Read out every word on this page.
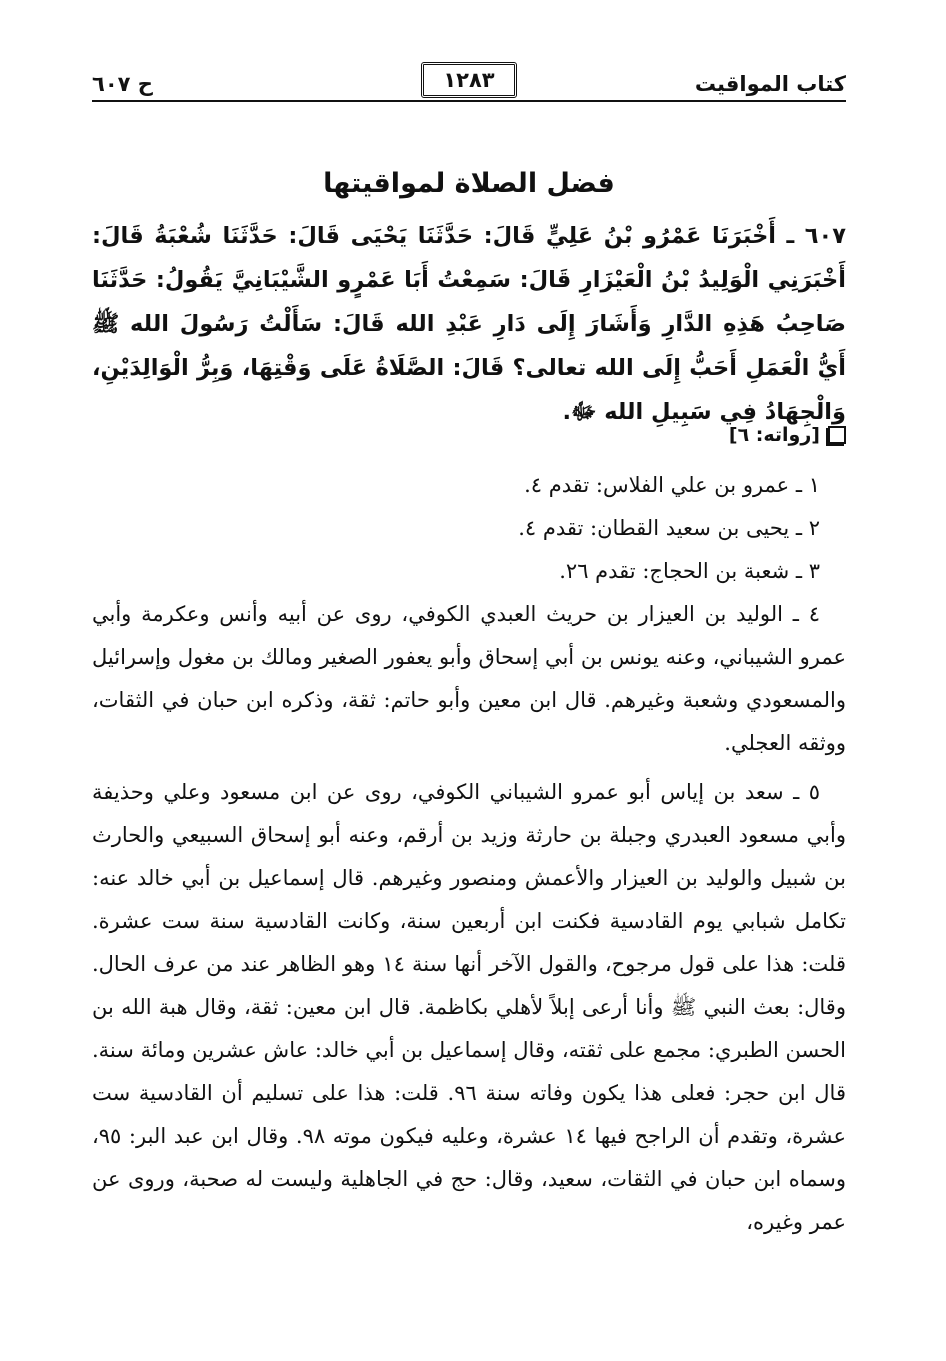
كتاب المواقيت
١٢٨٣
ح ٦٠٧
فضل الصلاة لمواقيتها

٦٠٧ ـ أَخْبَرَنَا عَمْرُو بْنُ عَلِيٍّ قَالَ: حَدَّثَنَا يَحْيَى قَالَ: حَدَّثَنَا شُعْبَةُ قَالَ: أَخْبَرَنِي الْوَلِيدُ بْنُ الْعَيْزَارِ قَالَ: سَمِعْتُ أَبَا عَمْرٍو الشَّيْبَانِيَّ يَقُولُ: حَدَّثَنَا صَاحِبُ هَذِهِ الدَّارِ وَأَشَارَ إِلَى دَارِ عَبْدِ الله قَالَ: سَأَلْتُ رَسُولَ الله ﷺ أَيُّ الْعَمَلِ أَحَبُّ إِلَى الله تعالى؟ قَالَ: الصَّلَاةُ عَلَى وَقْتِهَا، وَبِرُّ الْوَالِدَيْنِ، وَالْجِهَادُ فِي سَبِيلِ الله ﷻ.

[رواته: ٦]
١ ـ عمرو بن علي الفلاس: تقدم ٤.
٢ ـ يحيى بن سعيد القطان: تقدم ٤.
٣ ـ شعبة بن الحجاج: تقدم ٢٦.
٤ ـ الوليد بن العيزار بن حريث العبدي الكوفي، روى عن أبيه وأنس وعكرمة وأبي عمرو الشيباني، وعنه يونس بن أبي إسحاق وأبو يعفور الصغير ومالك بن مغول وإسرائيل والمسعودي وشعبة وغيرهم. قال ابن معين وأبو حاتم: ثقة، وذكره ابن حبان في الثقات، ووثقه العجلي.
٥ ـ سعد بن إياس أبو عمرو الشيباني الكوفي، روى عن ابن مسعود وعلي وحذيفة وأبي مسعود العبدري وجبلة بن حارثة وزيد بن أرقم، وعنه أبو إسحاق السبيعي والحارث بن شبيل والوليد بن العيزار والأعمش ومنصور وغيرهم. قال إسماعيل بن أبي خالد عنه: تكامل شبابي يوم القادسية فكنت ابن أربعين سنة، وكانت القادسية سنة ست عشرة. قلت: هذا على قول مرجوح، والقول الآخر أنها سنة ١٤ وهو الظاهر عند من عرف الحال. وقال: بعث النبي ﷺ وأنا أرعى إبلاً لأهلي بكاظمة. قال ابن معين: ثقة، وقال هبة الله بن الحسن الطبري: مجمع على ثقته، وقال إسماعيل بن أبي خالد: عاش عشرين ومائة سنة. قال ابن حجر: فعلى هذا يكون وفاته سنة ٩٦. قلت: هذا على تسليم أن القادسية ست عشرة، وتقدم أن الراجح فيها ١٤ عشرة، وعليه فيكون موته ٩٨. وقال ابن عبد البر: ٩٥، وسماه ابن حبان في الثقات، سعيد، وقال: حج في الجاهلية وليست له صحبة، وروى عن عمر وغيره،
